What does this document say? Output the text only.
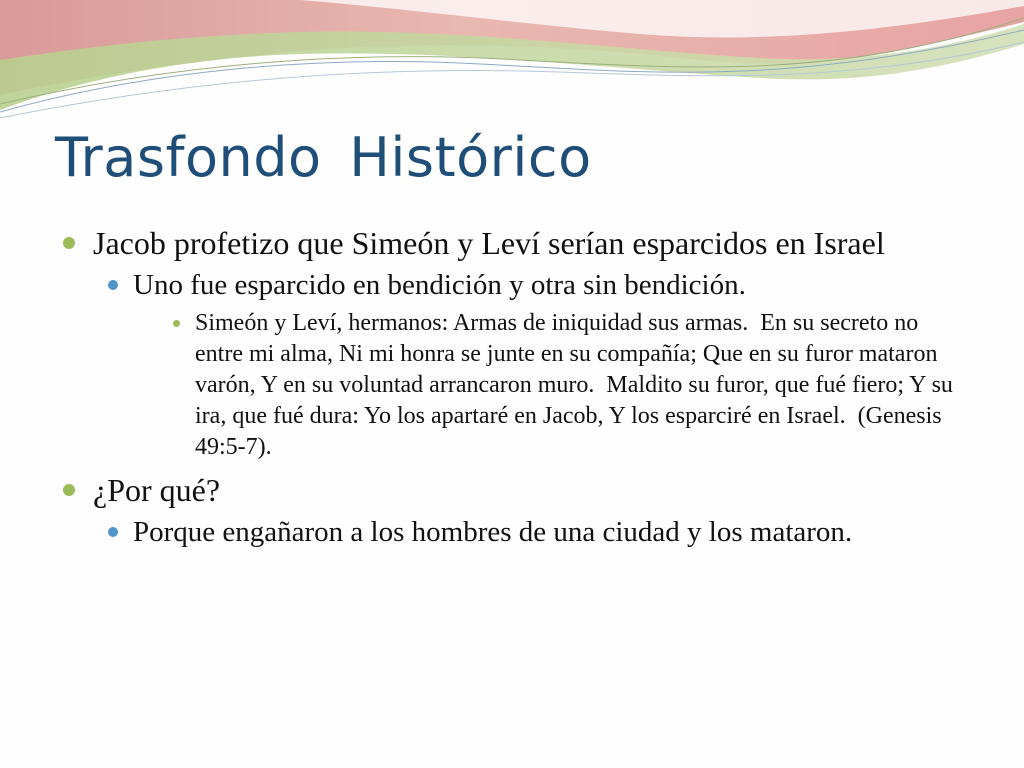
Trasfondo Histórico

Jacob profetizo que Simeón y Leví serían esparcidos en Israel

Uno fue esparcido en bendición y otra sin bendición.

Simeón y Leví, hermanos: Armas de iniquidad sus armas.  En su secreto no entre mi alma, Ni mi honra se junte en su compañía; Que en su furor mataron varón, Y en su voluntad arrancaron muro.  Maldito su furor, que fué fiero; Y su ira, que fué dura: Yo los apartaré en Jacob, Y los esparciré en Israel.  (Genesis 49:5-7).

¿Por qué?

Porque engañaron a los hombres de una ciudad y los mataron.
